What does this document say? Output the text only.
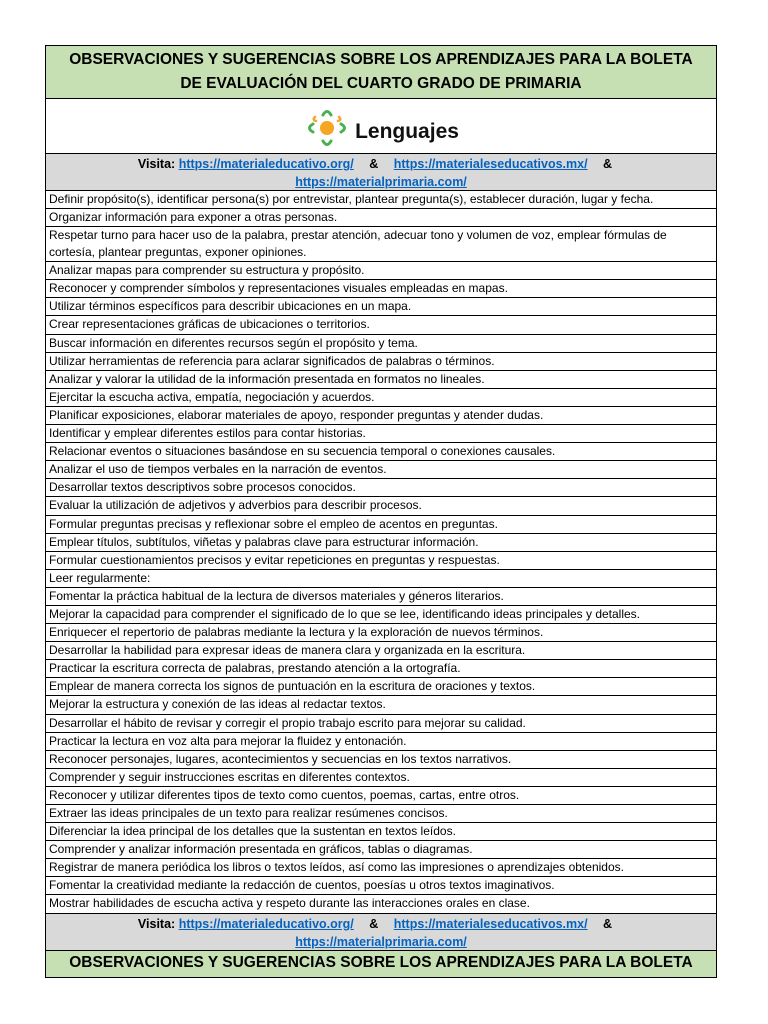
OBSERVACIONES Y SUGERENCIAS SOBRE LOS APRENDIZAJES PARA LA BOLETA
DE EVALUACIÓN DEL CUARTO GRADO DE PRIMARIA
Lenguajes
Visita: https://materialeducativo.org/ & https://materialeseducativos.mx/ &
https://materialprimaria.com/
Definir propósito(s), identificar persona(s) por entrevistar, plantear pregunta(s), establecer duración, lugar y fecha.
Organizar información para exponer a otras personas.
Respetar turno para hacer uso de la palabra, prestar atención, adecuar tono y volumen de voz, emplear fórmulas de cortesía, plantear preguntas, exponer opiniones.
Analizar mapas para comprender su estructura y propósito.
Reconocer y comprender símbolos y representaciones visuales empleadas en mapas.
Utilizar términos específicos para describir ubicaciones en un mapa.
Crear representaciones gráficas de ubicaciones o territorios.
Buscar información en diferentes recursos según el propósito y tema.
Utilizar herramientas de referencia para aclarar significados de palabras o términos.
Analizar y valorar la utilidad de la información presentada en formatos no lineales.
Ejercitar la escucha activa, empatía, negociación y acuerdos.
Planificar exposiciones, elaborar materiales de apoyo, responder preguntas y atender dudas.
Identificar y emplear diferentes estilos para contar historias.
Relacionar eventos o situaciones basándose en su secuencia temporal o conexiones causales.
Analizar el uso de tiempos verbales en la narración de eventos.
Desarrollar textos descriptivos sobre procesos conocidos.
Evaluar la utilización de adjetivos y adverbios para describir procesos.
Formular preguntas precisas y reflexionar sobre el empleo de acentos en preguntas.
Emplear títulos, subtítulos, viñetas y palabras clave para estructurar información.
Formular cuestionamientos precisos y evitar repeticiones en preguntas y respuestas.
Leer regularmente:
Fomentar la práctica habitual de la lectura de diversos materiales y géneros literarios.
Mejorar la capacidad para comprender el significado de lo que se lee, identificando ideas principales y detalles.
Enriquecer el repertorio de palabras mediante la lectura y la exploración de nuevos términos.
Desarrollar la habilidad para expresar ideas de manera clara y organizada en la escritura.
Practicar la escritura correcta de palabras, prestando atención a la ortografía.
Emplear de manera correcta los signos de puntuación en la escritura de oraciones y textos.
Mejorar la estructura y conexión de las ideas al redactar textos.
Desarrollar el hábito de revisar y corregir el propio trabajo escrito para mejorar su calidad.
Practicar la lectura en voz alta para mejorar la fluidez y entonación.
Reconocer personajes, lugares, acontecimientos y secuencias en los textos narrativos.
Comprender y seguir instrucciones escritas en diferentes contextos.
Reconocer y utilizar diferentes tipos de texto como cuentos, poemas, cartas, entre otros.
Extraer las ideas principales de un texto para realizar resúmenes concisos.
Diferenciar la idea principal de los detalles que la sustentan en textos leídos.
Comprender y analizar información presentada en gráficos, tablas o diagramas.
Registrar de manera periódica los libros o textos leídos, así como las impresiones o aprendizajes obtenidos.
Fomentar la creatividad mediante la redacción de cuentos, poesías u otros textos imaginativos.
Mostrar habilidades de escucha activa y respeto durante las interacciones orales en clase.
Visita: https://materialeducativo.org/ & https://materialeseducativos.mx/ &
https://materialprimaria.com/
OBSERVACIONES Y SUGERENCIAS SOBRE LOS APRENDIZAJES PARA LA BOLETA
